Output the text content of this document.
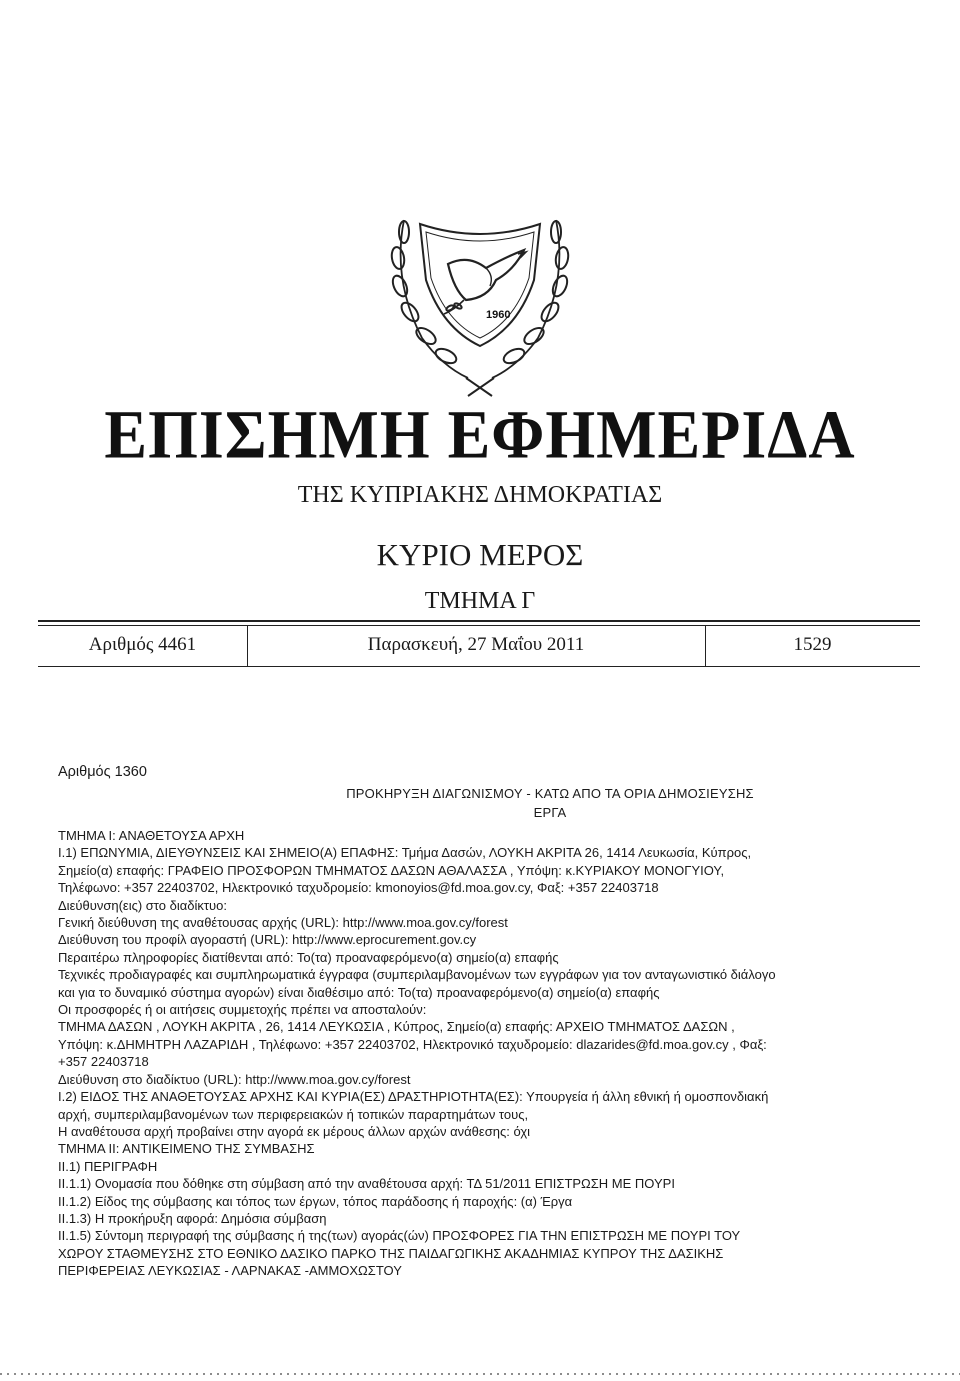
1960
ΕΠΙΣΗΜΗ ΕΦΗΜΕΡΙΔΑ
ΤΗΣ ΚΥΠΡΙΑΚΗΣ ΔΗΜΟΚΡΑΤΙΑΣ
ΚΥΡΙΟ ΜΕΡΟΣ
ΤΜΗΜΑ Γ
Αριθμός 4461	Παρασκευή, 27 Μαΐου 2011	1529
Αριθμός 1360
ΠΡΟΚΗΡΥΞΗ ΔΙΑΓΩΝΙΣΜΟΥ - ΚΑΤΩ ΑΠΟ ΤΑ ΟΡΙΑ ΔΗΜΟΣΙΕΥΣΗΣ
ΕΡΓΑ

ΤΜΗΜΑ Ι: ΑΝΑΘΕΤΟΥΣΑ ΑΡΧΗ

Ι.1) ΕΠΩΝΥΜΙΑ, ΔΙΕΥΘΥΝΣΕΙΣ ΚΑΙ ΣΗΜΕΙΟ(Α) ΕΠΑΦΗΣ: Τμήμα Δασών, ΛΟΥΚΗ ΑΚΡΙΤΑ 26, 1414 Λευκωσία, Κύπρος,

Σημείο(α) επαφής: ΓΡΑΦΕΙΟ ΠΡΟΣΦΟΡΩΝ ΤΜΗΜΑΤΟΣ ΔΑΣΩΝ ΑΘΑΛΑΣΣΑ , Υπόψη: κ.ΚΥΡΙΑΚΟΥ ΜΟΝΟΓΥΙΟΥ,

Τηλέφωνο: +357 22403702, Ηλεκτρονικό ταχυδρομείο: kmonoyios@fd.moa.gov.cy, Φαξ: +357 22403718

Διεύθυνση(εις) στο διαδίκτυο:

Γενική διεύθυνση της αναθέτουσας αρχής (URL): http://www.moa.gov.cy/forest

Διεύθυνση του προφίλ αγοραστή (URL): http://www.eprocurement.gov.cy

Περαιτέρω πληροφορίες διατίθενται από: Το(τα) προαναφερόμενο(α) σημείο(α) επαφής

Τεχνικές προδιαγραφές και συμπληρωματικά έγγραφα (συμπεριλαμβανομένων των εγγράφων για τον ανταγωνιστικό διάλογο

και για το δυναμικό σύστημα αγορών) είναι διαθέσιμο από: Το(τα) προαναφερόμενο(α) σημείο(α) επαφής

Οι προσφορές ή οι αιτήσεις συμμετοχής πρέπει να αποσταλούν:

ΤΜΗΜΑ ΔΑΣΩΝ , ΛΟΥΚΗ ΑΚΡΙΤΑ , 26, 1414 ΛΕΥΚΩΣΙΑ , Κύπρος, Σημείο(α) επαφής: ΑΡΧΕΙΟ ΤΜΗΜΑΤΟΣ ΔΑΣΩΝ ,

Υπόψη: κ.ΔΗΜΗΤΡΗ ΛΑΖΑΡΙΔΗ , Τηλέφωνο: +357 22403702, Ηλεκτρονικό ταχυδρομείο: dlazarides@fd.moa.gov.cy , Φαξ:

+357 22403718

Διεύθυνση στο διαδίκτυο (URL): http://www.moa.gov.cy/forest

Ι.2) ΕΙΔΟΣ ΤΗΣ ΑΝΑΘΕΤΟΥΣΑΣ ΑΡΧΗΣ ΚΑΙ ΚΥΡΙΑ(ΕΣ) ΔΡΑΣΤΗΡΙΟΤΗΤΑ(ΕΣ): Υπουργεία ή άλλη εθνική ή ομοσπονδιακή

αρχή, συμπεριλαμβανομένων των περιφερειακών ή τοπικών παραρτημάτων τους,

Η αναθέτουσα αρχή προβαίνει στην αγορά εκ μέρους άλλων αρχών ανάθεσης: όχι

ΤΜΗΜΑ ΙΙ: ΑΝΤΙΚΕΙΜΕΝΟ ΤΗΣ ΣΥΜΒΑΣΗΣ

ΙΙ.1) ΠΕΡΙΓΡΑΦΗ

ΙΙ.1.1) Ονομασία που δόθηκε στη σύμβαση από την αναθέτουσα αρχή: ΤΔ 51/2011 ΕΠΙΣΤΡΩΣΗ ΜΕ ΠΟΥΡΙ

ΙΙ.1.2) Είδος της σύμβασης και τόπος των έργων, τόπος παράδοσης ή παροχής: (α) Έργα

ΙΙ.1.3) Η προκήρυξη αφορά: Δημόσια σύμβαση

ΙΙ.1.5) Σύντομη περιγραφή της σύμβασης ή της(των) αγοράς(ών) ΠΡΟΣΦΟΡΕΣ ΓΙΑ ΤΗΝ ΕΠΙΣΤΡΩΣΗ ΜΕ ΠΟΥΡΙ ΤΟΥ

ΧΩΡΟΥ ΣΤΑΘΜΕΥΣΗΣ ΣΤΟ ΕΘΝΙΚΟ ΔΑΣΙΚΟ ΠΑΡΚΟ ΤΗΣ ΠΑΙΔΑΓΩΓΙΚΗΣ ΑΚΑΔΗΜΙΑΣ ΚΥΠΡΟΥ ΤΗΣ ΔΑΣΙΚΗΣ

ΠΕΡΙΦΕΡΕΙΑΣ ΛΕΥΚΩΣΙΑΣ - ΛΑΡΝΑΚΑΣ -ΑΜΜΟΧΩΣΤΟΥ
